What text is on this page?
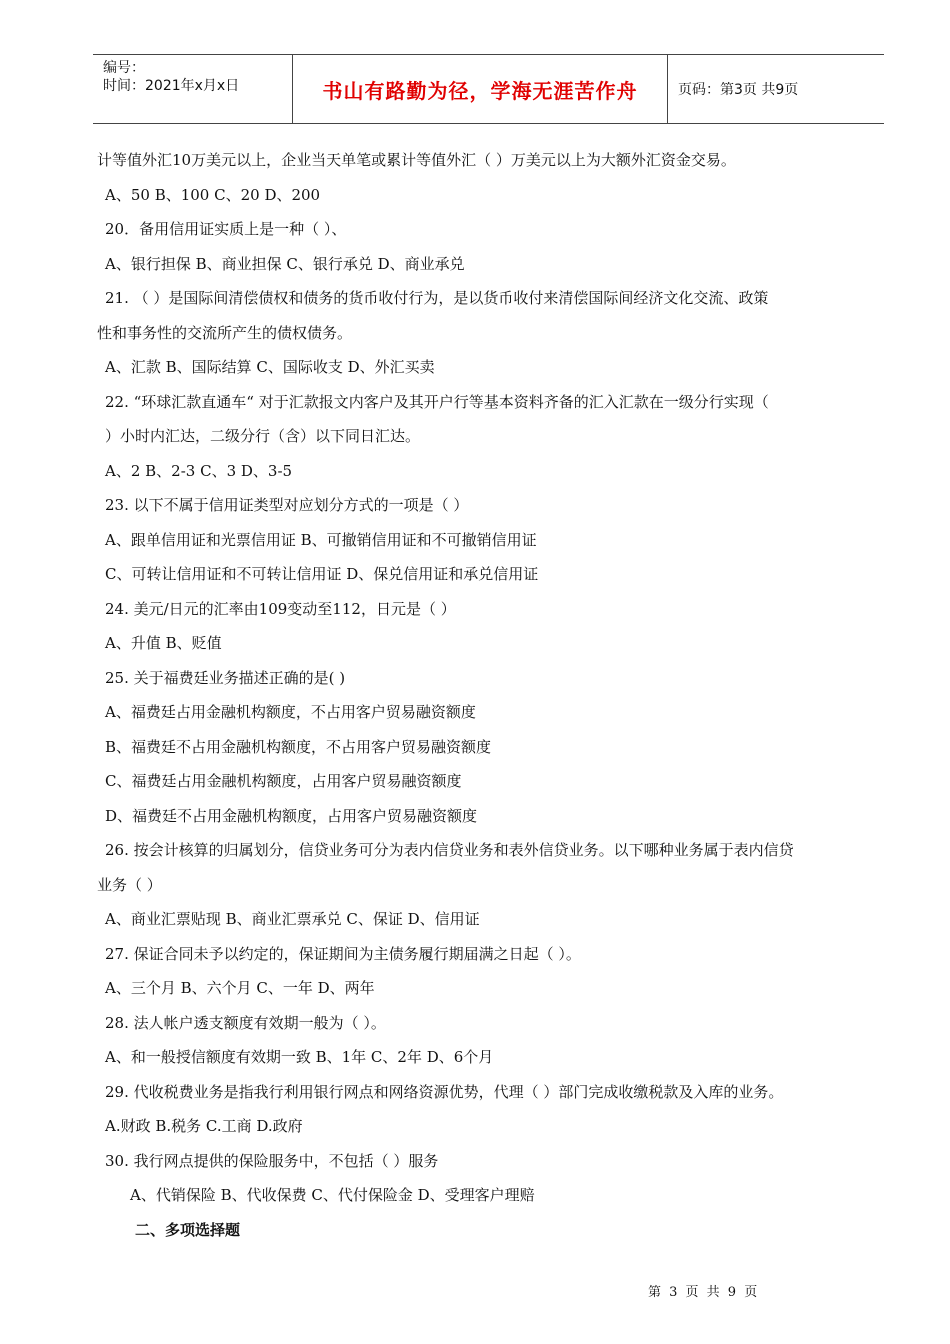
编号：
时间：2021年x月x日	书山有路勤为径，学海无涯苦作舟	页码：第3页 共9页
计等值外汇10万美元以上，企业当天单笔或累计等值外汇（ ）万美元以上为大额外汇资金交易。
A、50 B、100 C、20 D、200
20．备用信用证实质上是一种（ ）、
A、银行担保 B、商业担保 C、银行承兑 D、商业承兑
21. （ ）是国际间清偿债权和债务的货币收付行为，是以货币收付来清偿国际间经济文化交流、政策
性和事务性的交流所产生的债权债务。
A、汇款 B、国际结算 C、国际收支 D、外汇买卖
22. “环球汇款直通车“ 对于汇款报文内客户及其开户行等基本资料齐备的汇入汇款在一级分行实现（
）小时内汇达，二级分行（含）以下同日汇达。
A、2 B、2-3 C、3 D、3-5
23. 以下不属于信用证类型对应划分方式的一项是（ ）
A、跟单信用证和光票信用证 B、可撤销信用证和不可撤销信用证
C、可转让信用证和不可转让信用证 D、保兑信用证和承兑信用证
24. 美元/日元的汇率由109变动至112，日元是（ ）
A、升值 B、贬值
25. 关于福费廷业务描述正确的是( )
A、福费廷占用金融机构额度，不占用客户贸易融资额度
B、福费廷不占用金融机构额度，不占用客户贸易融资额度
C、福费廷占用金融机构额度，占用客户贸易融资额度
D、福费廷不占用金融机构额度，占用客户贸易融资额度
26. 按会计核算的归属划分，信贷业务可分为表内信贷业务和表外信贷业务。以下哪种业务属于表内信贷
业务（ ）
A、商业汇票贴现 B、商业汇票承兑 C、保证 D、信用证
27. 保证合同未予以约定的，保证期间为主债务履行期届满之日起（ ）。
A、三个月 B、六个月 C、一年 D、两年
28. 法人帐户透支额度有效期一般为（ ）。
A、和一般授信额度有效期一致 B、1年 C、2年 D、6个月
29. 代收税费业务是指我行利用银行网点和网络资源优势，代理（ ）部门完成收缴税款及入库的业务。
A.财政 B.税务 C.工商 D.政府
30. 我行网点提供的保险服务中，不包括（ ）服务
A、代销保险 B、代收保费 C、代付保险金 D、受理客户理赔
二、多项选择题
第 3 页 共 9 页
